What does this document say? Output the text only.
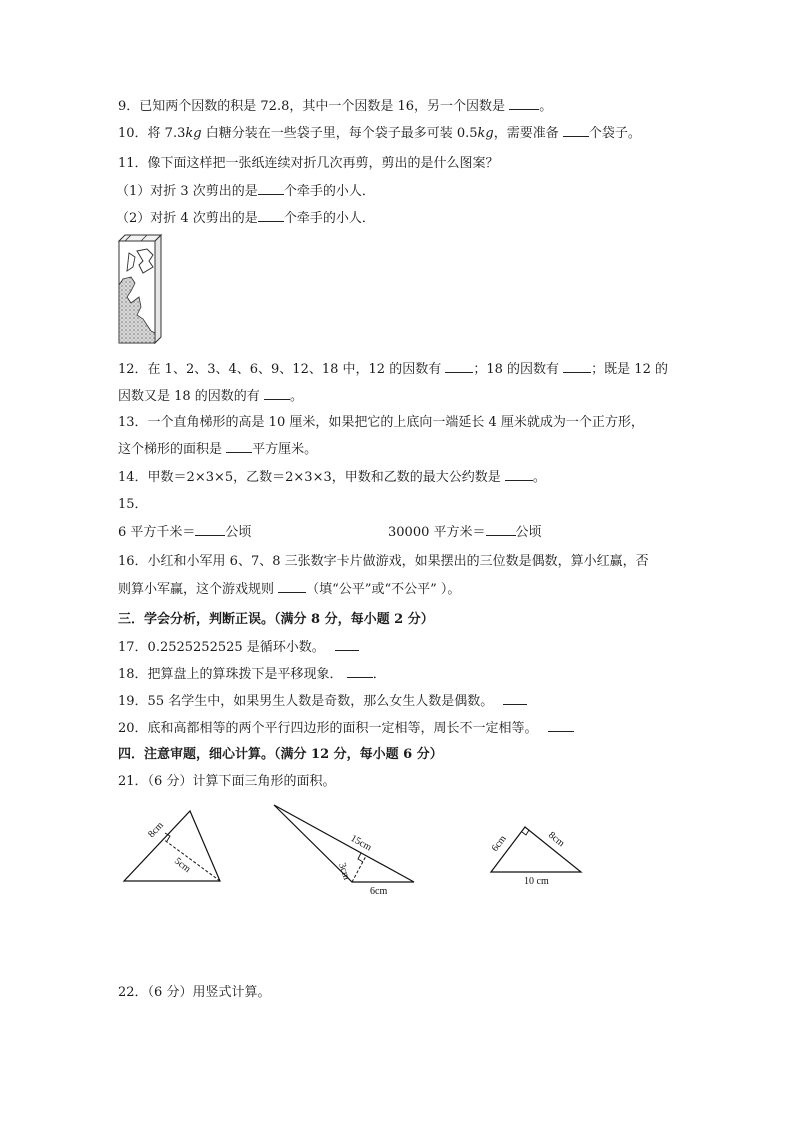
9．已知两个因数的积是 72.8，其中一个因数是 16，另一个因数是	。
10．将 7.3kg 白糖分装在一些袋子里，每个袋子最多可装 0.5kg，需要准备 个袋子。
11．像下面这样把一张纸连续对折几次再剪，剪出的是什么图案？
（1）对折 3 次剪出的是 个牵手的小人．
（2）对折 4 次剪出的是 个牵手的小人．
12．在 1、2、3、4、6、9、12、18 中，12 的因数有 ；18 的因数有 ；既是 12 的
因数又是 18 的因数的有 。
13．一个直角梯形的高是 10 厘米，如果把它的上底向一端延长 4 厘米就成为一个正方形，
这个梯形的面积是 平方厘米。
14．甲数＝2×3×5，乙数＝2×3×3，甲数和乙数的最大公约数是 。
15．
6 平方千米＝ 公顷	30000 平方米＝ 公顷
16．小红和小军用 6、7、8 三张数字卡片做游戏，如果摆出的三位数是偶数，算小红赢，否
则算小军赢，这个游戏规则 （填“公平”或“不公平” ）。
三．学会分析，判断正误。（满分 8 分，每小题 2 分）
17．0.2525252525 是循环小数。
18．把算盘上的算珠拨下是平移现象． ．
19．55 名学生中，如果男生人数是奇数，那么女生人数是偶数。
20．底和高都相等的两个平行四边形的面积一定相等，周长不一定相等。
四．注意审题，细心计算。（满分 12 分，每小题 6 分）
21．（6 分）计算下面三角形的面积。
8cm
5cm
15cm
3cm
6cm
6cm	8cm
10 cm
22．（6 分）用竖式计算。
